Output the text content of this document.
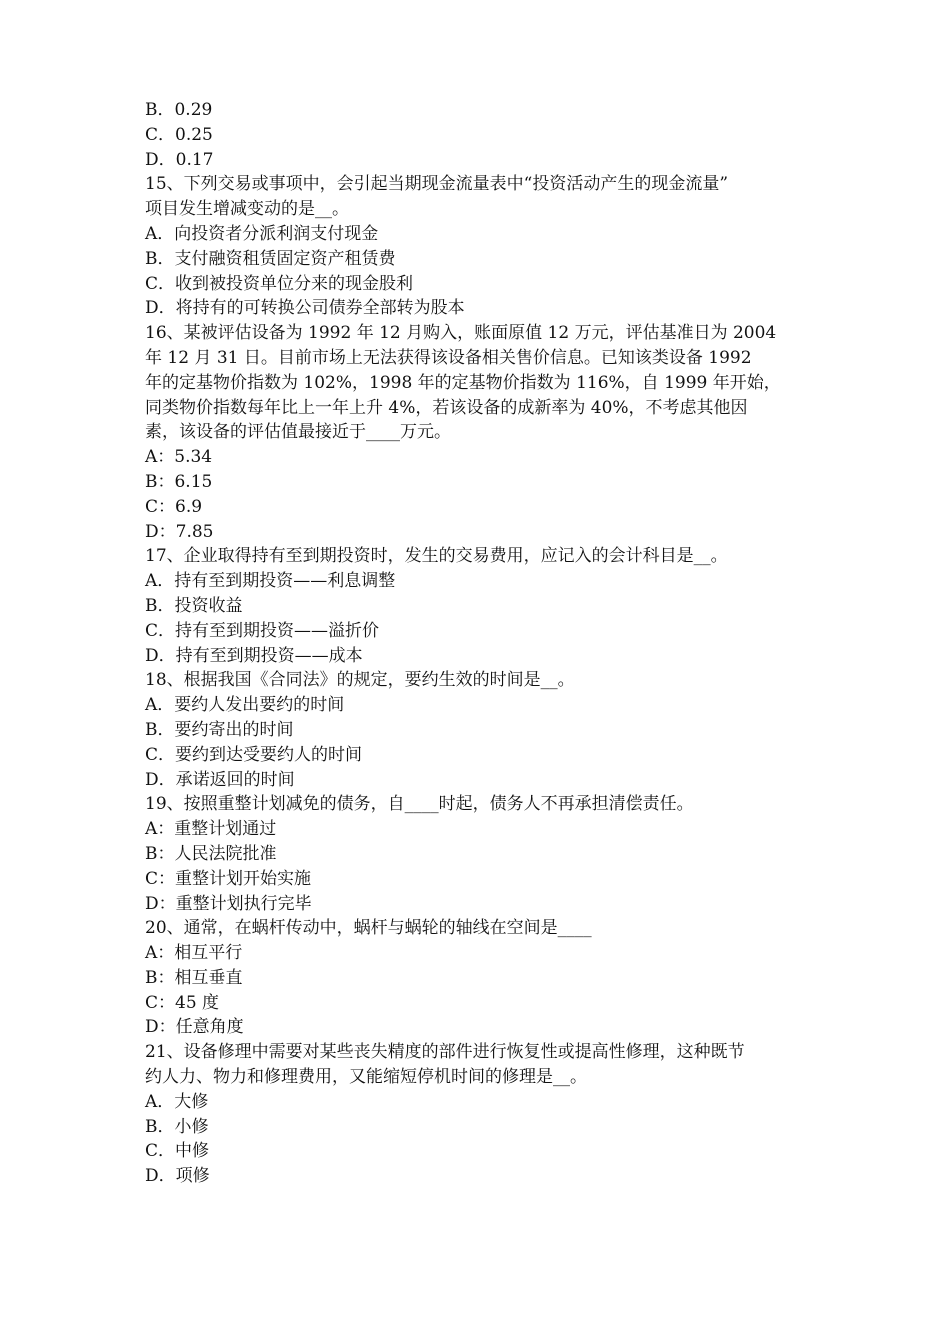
B．0.29
C．0.25
D．0.17
15、下列交易或事项中，会引起当期现金流量表中“投资活动产生的现金流量”
项目发生增减变动的是__。
A．向投资者分派利润支付现金
B．支付融资租赁固定资产租赁费
C．收到被投资单位分来的现金股利
D．将持有的可转换公司债券全部转为股本
16、某被评估设备为 1992 年 12 月购入，账面原值 12 万元，评估基准日为 2004
年 12 月 31 日。目前市场上无法获得该设备相关售价信息。已知该类设备 1992
年的定基物价指数为 102%，1998 年的定基物价指数为 116%，自 1999 年开始，
同类物价指数每年比上一年上升 4%，若该设备的成新率为 40%，不考虑其他因
素，该设备的评估值最接近于____万元。
A：5.34
B：6.15
C：6.9
D：7.85
17、企业取得持有至到期投资时，发生的交易费用，应记入的会计科目是__。
A．持有至到期投资——利息调整
B．投资收益
C．持有至到期投资——溢折价
D．持有至到期投资——成本
18、根据我国《合同法》的规定，要约生效的时间是__。
A．要约人发出要约的时间
B．要约寄出的时间
C．要约到达受要约人的时间
D．承诺返回的时间
19、按照重整计划减免的债务，自____时起，债务人不再承担清偿责任。
A：重整计划通过
B：人民法院批准
C：重整计划开始实施
D：重整计划执行完毕
20、通常，在蜗杆传动中，蜗杆与蜗轮的轴线在空间是____
A：相互平行
B：相互垂直
C：45 度
D：任意角度
21、设备修理中需要对某些丧失精度的部件进行恢复性或提高性修理，这种既节
约人力、物力和修理费用，又能缩短停机时间的修理是__。
A．大修
B．小修
C．中修
D．项修
